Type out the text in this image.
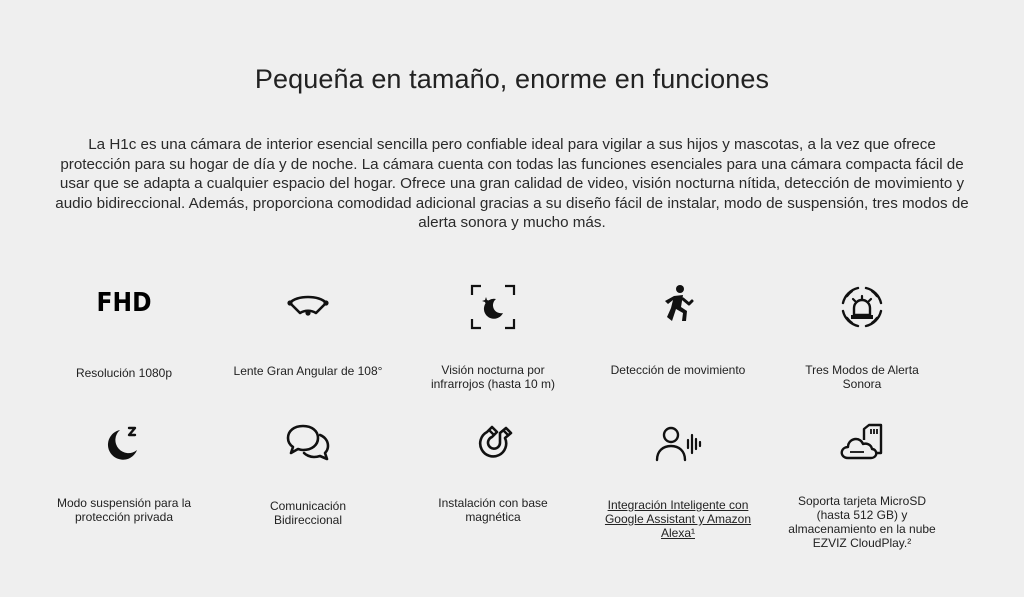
Pequeña en tamaño, enorme en funciones

La H1c es una cámara de interior esencial sencilla pero confiable ideal para vigilar a sus hijos y mascotas, a la vez que ofrece protección para su hogar de día y de noche. La cámara cuenta con todas las funciones esenciales para una cámara compacta fácil de usar que se adapta a cualquier espacio del hogar. Ofrece una gran calidad de video, visión nocturna nítida, detección de movimiento y audio bidireccional. Además, proporciona comodidad adicional gracias a su diseño fácil de instalar, modo de suspensión, tres modos de alerta sonora y mucho más.

FHD
Resolución 1080p	Lente Gran Angular de 108°	Visión nocturna por infrarrojos (hasta 10 m)
Detección de movimiento	Tres Modos de Alerta Sonora
Modo suspensión para la protección privada
Comunicación Bidireccional
Instalación con base magnética
Integración Inteligente con Google Assistant y Amazon Alexa¹
Soporta tarjeta MicroSD (hasta 512 GB) y almacenamiento en la nube EZVIZ CloudPlay.²
